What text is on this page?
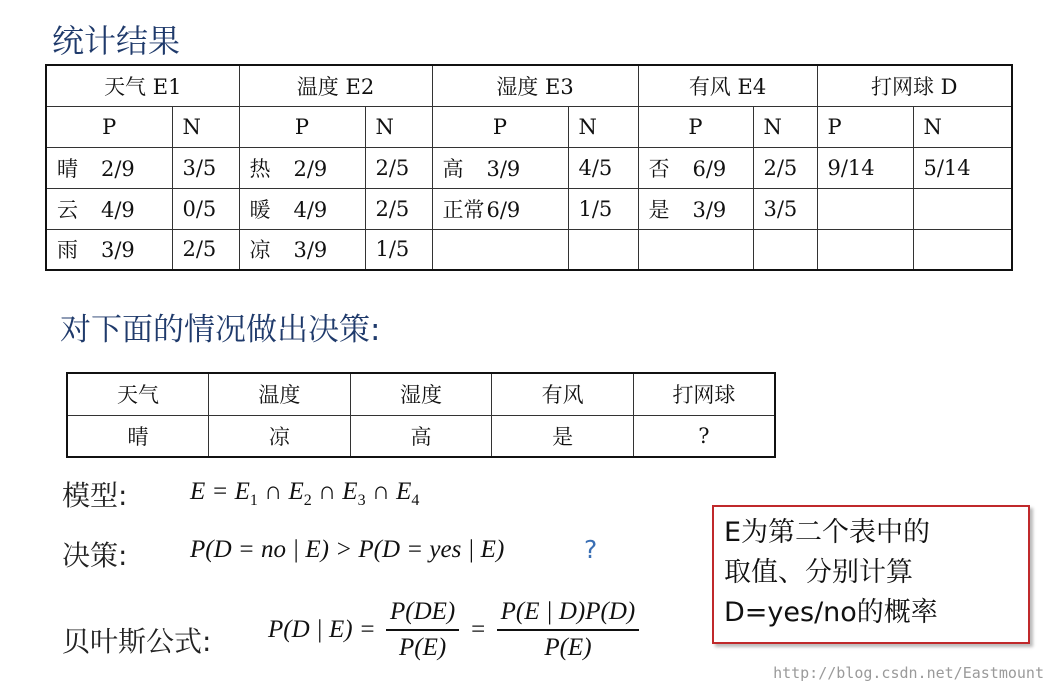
统计结果
天气 E1		温度 E2		湿度 E3		有风 E4		打网球 D	
P	N	P	N	P	N	P	N	P	N
晴 2/9	3/5	热 2/9	2/5	高 3/9	4/5	否 6/9	2/5	9/14	5/14
云 4/9	0/5	暖 4/9	2/5	正常6/9	1/5	是 3/9	3/5		
雨 3/9	2/5	凉 3/9	1/5						
对下面的情况做出决策:
天气	温度	湿度	有风	打网球
晴	凉	高	是	?
模型:	$E = E_1$ ∩ $E_2$ ∩ $E_3$ ∩ $E_4$
决策:	P(D = no | E) > P(D = yes | E)	?
贝叶斯公式: P(D | $E) = \frac{P(DE)}{P(E)} = \frac{P(E | D)P(D)}{P(E)}$
E为第二个表中的
取值、分别计算
D=yes/no的概率
http://blog.csdn.net/Eastmount
